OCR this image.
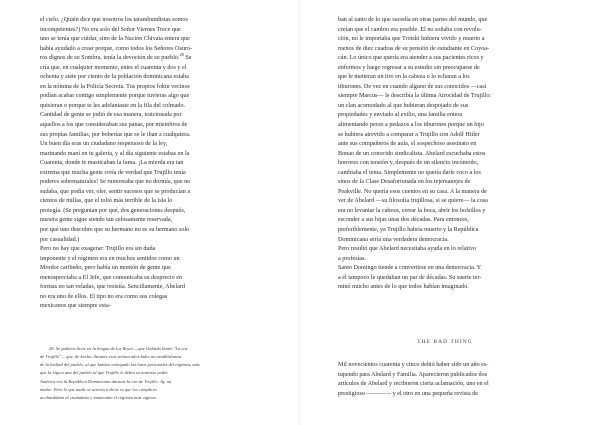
el cielo. ¿Quién dice que nosotros los tarambundistas somos
incompetentes?) No era solo del Señor Viernes Trece que
uno se tenía que cuidar, sino de la Nación Chivata entera que
había ayudado a crear porque, como todos los Señores Osuro-
ros dignos de su Sombra, tenía la devoción de su pueblo.$^{28}$ Se
cría que, en cualquier momento, entre el cuarenta y dos y el
ochenta y siete por ciento de la población dominicana estaba
en la nómina de la Policía Secreta. Tus propios fokin vecinos
podían acabar contigo simplemente porque tuvieras algo que
quisieran o porque te les adelantaste en la fila del colmado.
Cantidad de gente se jodió de esa manera, traicionada por
aquellos a los que consideraban sus panas, por miembros de
sus propias familias, por boberías que se le iban a cualquiera.
Un buen día eras un ciudadano respetuoso de la ley,
marinando maní en tu galería, y al día siguiente estabas en la
Cuarenta, donde te masticaban la fama. ¡La mierda era tan
extrema que mucha gente creía de verdad que Trujillo tenía
poderes sobrenaturales! Se rumoreaba que no dormía, que no
sudaba, que podía ver, oler, sentir sucesos que se producían a
cientos de millas, que el tolió más terrible de la isla lo
protegía. (Se preguntan por qué, dos generaciones después,
nuestra gente sigue siendo tan celosamente reservada,
por qué uno descubre que su hermano no es su hermano solo
por casualidad.)
Pero no hay que exagerar: Trujillo era sin duda
imponente y el régimen era en muchos sentidos como un
Mordor caribeño, pero había un montón de gente que
menospreciaba a El Jefe, que comunicaba su desprecio en
formas no tan veladas, que resistía. Sencillamente, Abelard
no era uno de ellos. El tipo no era como sus colegas
mexicanos que siempre esta-

28. Se pudiera decir en la lengua de los Reyes —que Galindo llamó "La era
de Trujillo"— que, de hecho, durante esos treinta años hubo un establishment
de la lealtad del pueblo, al que habían entregado los lazos personales del régimen, más
que la lógica una del pueblo al que Trujillo le debía su inmenso poder.
América era la República Dominicana durante la era de Trujillo. Ay, mi
madre. Pero lo que nadie se atrevía a decir es que los cómplices
acobardaban al ciudadano y mantenían el régimen más vigente.

ban al tanto de lo que sucedía en otras partes del mundo, que
creían que el cambio era posible. El no soñaba con revolu-
ción, no le importaba que Trotski hubiera vivido y muerto a
menos de diez cuadras de su pensión de estudiante en Coyoa-
cán. Lo único que quería era atender a sus pacientes ricos y
enfermos y luego regresar a su estudio sin preocuparse de
que le metieran un tiro en la cabeza o lo echaran a los
tiburones. De vez en cuando alguno de sus conocidos —casi
siempre Marcus— le describía la última Atrocidad de Trujillo:
un clan acomodado al que hubieran despojado de sus
propiedades y enviado al exilio, una familia entera
alimentando peces a pedazos a los tiburones porque un hijo
se hubiera atrevido a comparar a Trujillo con Adolf Hitler
ante sus compañeros de aula, el sospechoso asesinato en
Bonao de un conocido sindicalista. Abelard escuchaba estos
horrores con tensión y, después de un silencio incómodo,
cambiaba el tema. Simplemente no quería darle coco a los
sinos de la Clase Desafortunada en los tejemanejes de
Peakville. No quería esos cuentos en su casa. A la manera de
ver de Abelard —su filosofía trujillosa, si se quiere— la cosa
era no levantar la cabeza, cerrar la boca, abrir los bolsillos y
esconder a sus hijas unas dos décadas. Para entonces,
preferiblemente, ya Trujillo habría muerto y la República
Dominicana sería una verdadera democracia.
Pero resultó que Abelard necesitaba ayuda en lo relativo
a profesías.
Santo Domingo tiende a convertirse en una democracia. Y
a él tampoco le quedaban un par de décadas. Su suerte ter-
minó mucho antes de lo que todos habían imaginado.

THE BAD THING

Mil novecientos cuarenta y cinco debió haber sido un año es-
tupendo para Abelard y Familia. Aparecieron publicados dos
artículos de Abelard y recibieron cierta aclamación, uno en el
prestigioso ———— y el otro en una pequeña revista de
